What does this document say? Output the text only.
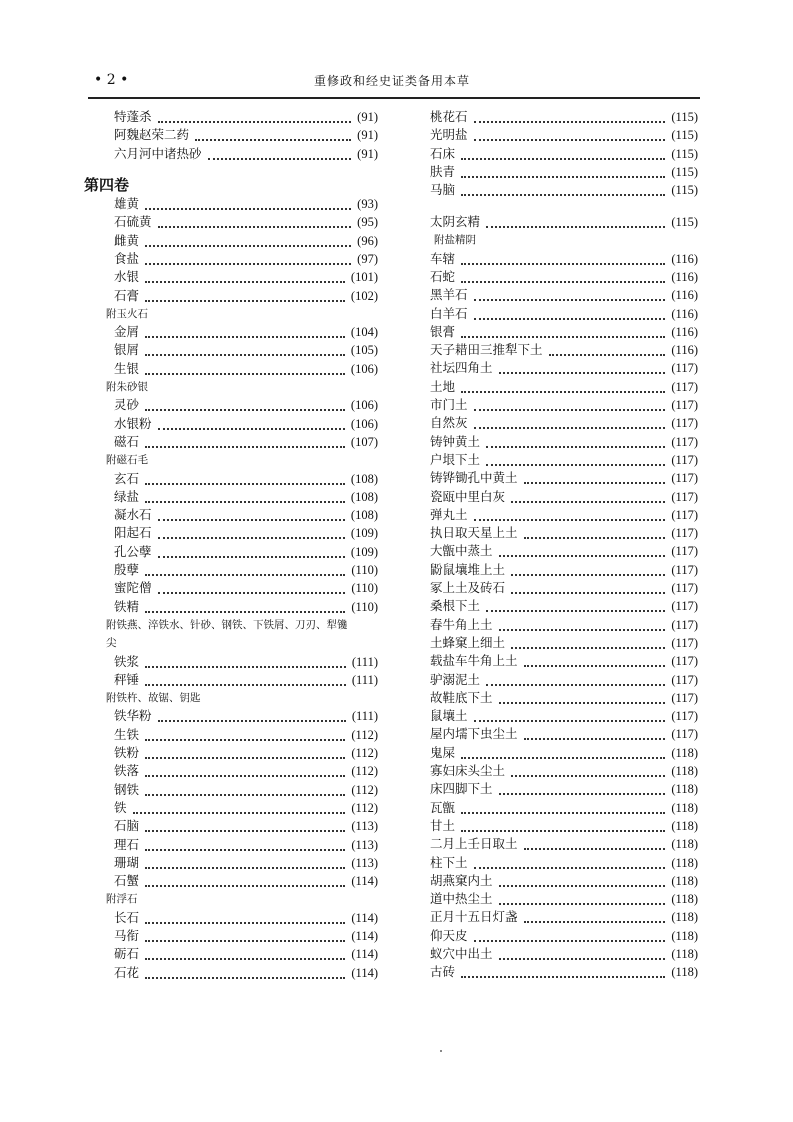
• 2 •	重修政和经史证类备用本草
特蓬杀	(91)
阿魏赵荣二药	(91)
六月河中诸热砂	(91)
第四卷
雄黄	(93)
石硫黄	(95)
雌黄	(96)
食盐	(97)
水银	(101)
石膏	(102)
附玉火石
金屑	(104)
银屑	(105)
生银	(106)
附朱砂银
灵砂	(106)
水银粉	(106)
磁石	(107)
附磁石毛
玄石	(108)
绿盐	(108)
凝水石	(108)
阳起石	(109)
孔公孽	(109)
殷孽	(110)
蜜陀僧	(110)
铁精	(110)
附铁燕、淬铁水、针砂、钢铁、下铁屑、刀刃、犁镵
尖
铁浆	(111)
秤锤	(111)
附铁杵、故锯、钥匙
铁华粉	(111)
生铁	(112)
铁粉	(112)
铁落	(112)
钢铁	(112)
铁	(112)
石脑	(113)
理石	(113)
珊瑚	(113)
石蟹	(114)
附浮石
长石	(114)
马衔	(114)
砺石	(114)
石花	(114)
桃花石	(115)
光明盐	(115)
石床	(115)
肤青	(115)
马脑	(115)
太阴玄精	(115)
附盐精阴
车辖	(116)
石蛇	(116)
黑羊石	(116)
白羊石	(116)
银膏	(116)
天子耤田三推犁下土	(116)
社坛四角土	(117)
土地	(117)
市门土	(117)
自然灰	(117)
铸钟黄土	(117)
户垠下土	(117)
铸铧锄孔中黄土	(117)
瓷瓯中里白灰	(117)
弹丸土	(117)
执日取天星上土	(117)
大甑中蒸土	(117)
鼢鼠壤堆上土	(117)
冢上土及砖石	(117)
桑根下土	(117)
春牛角上土	(117)
土蜂窠上细土	(117)
载盐车牛角上土	(117)
驴溺泥土	(117)
故鞋底下土	(117)
鼠壤土	(117)
屋内壖下虫尘土	(117)
鬼屎	(118)
寡妇床头尘土	(118)
床四脚下土	(118)
瓦甑	(118)
甘土	(118)
二月上壬日取土	(118)
柱下土	(118)
胡燕窠内土	(118)
道中热尘土	(118)
正月十五日灯盏	(118)
仰天皮	(118)
蚁穴中出土	(118)
古砖	(118)
